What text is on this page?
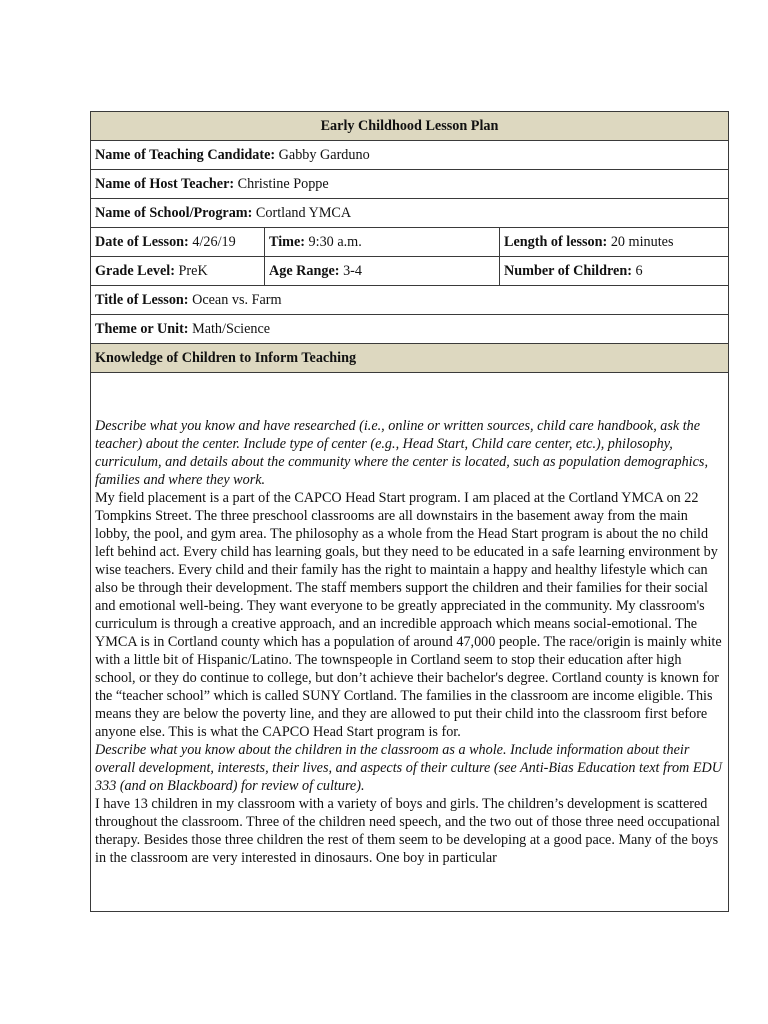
Early Childhood Lesson Plan		
Name of Teaching Candidate: Gabby Garduno		
Name of Host Teacher: Christine Poppe		
Name of School/Program: Cortland YMCA		
Date of Lesson: 4/26/19	Time: 9:30 a.m.	Length of lesson: 20 minutes
Grade Level: PreK	Age Range: 3-4	Number of Children: 6
Title of Lesson: Ocean vs. Farm		
Theme or Unit: Math/Science		
Knowledge of Children to Inform Teaching		

Describe what you know and have researched (i.e., online or written sources, child care handbook, ask the teacher) about the center. Include type of center (e.g., Head Start, Child care center, etc.), philosophy, curriculum, and details about the community where the center is located, such as population demographics, families and where they work.

My field placement is a part of the CAPCO Head Start program. I am placed at the Cortland YMCA on 22 Tompkins Street. The three preschool classrooms are all downstairs in the basement away from the main lobby, the pool, and gym area. The philosophy as a whole from the Head Start program is about the no child left behind act. Every child has learning goals, but they need to be educated in a safe learning environment by wise teachers. Every child and their family has the right to maintain a happy and healthy lifestyle which can also be through their development. The staff members support the children and their families for their social and emotional well-being. They want everyone to be greatly appreciated in the community. My classroom's curriculum is through a creative approach, and an incredible approach which means social-emotional. The YMCA is in Cortland county which has a population of around 47,000 people. The race/origin is mainly white with a little bit of Hispanic/Latino. The townspeople in Cortland seem to stop their education after high school, or they do continue to college, but don’t achieve their bachelor's degree. Cortland county is known for the “teacher school” which is called SUNY Cortland. The families in the classroom are income eligible. This means they are below the poverty line, and they are allowed to put their child into the classroom first before anyone else. This is what the CAPCO Head Start program is for.

Describe what you know about the children in the classroom as a whole. Include information about their overall development, interests, their lives, and aspects of their culture (see Anti-Bias Education text from EDU 333 (and on Blackboard) for review of culture).

I have 13 children in my classroom with a variety of boys and girls. The children’s development is scattered throughout the classroom. Three of the children need speech, and the two out of those three need occupational therapy. Besides those three children the rest of them seem to be developing at a good pace. Many of the boys in the classroom are very interested in dinosaurs. One boy in particular		
